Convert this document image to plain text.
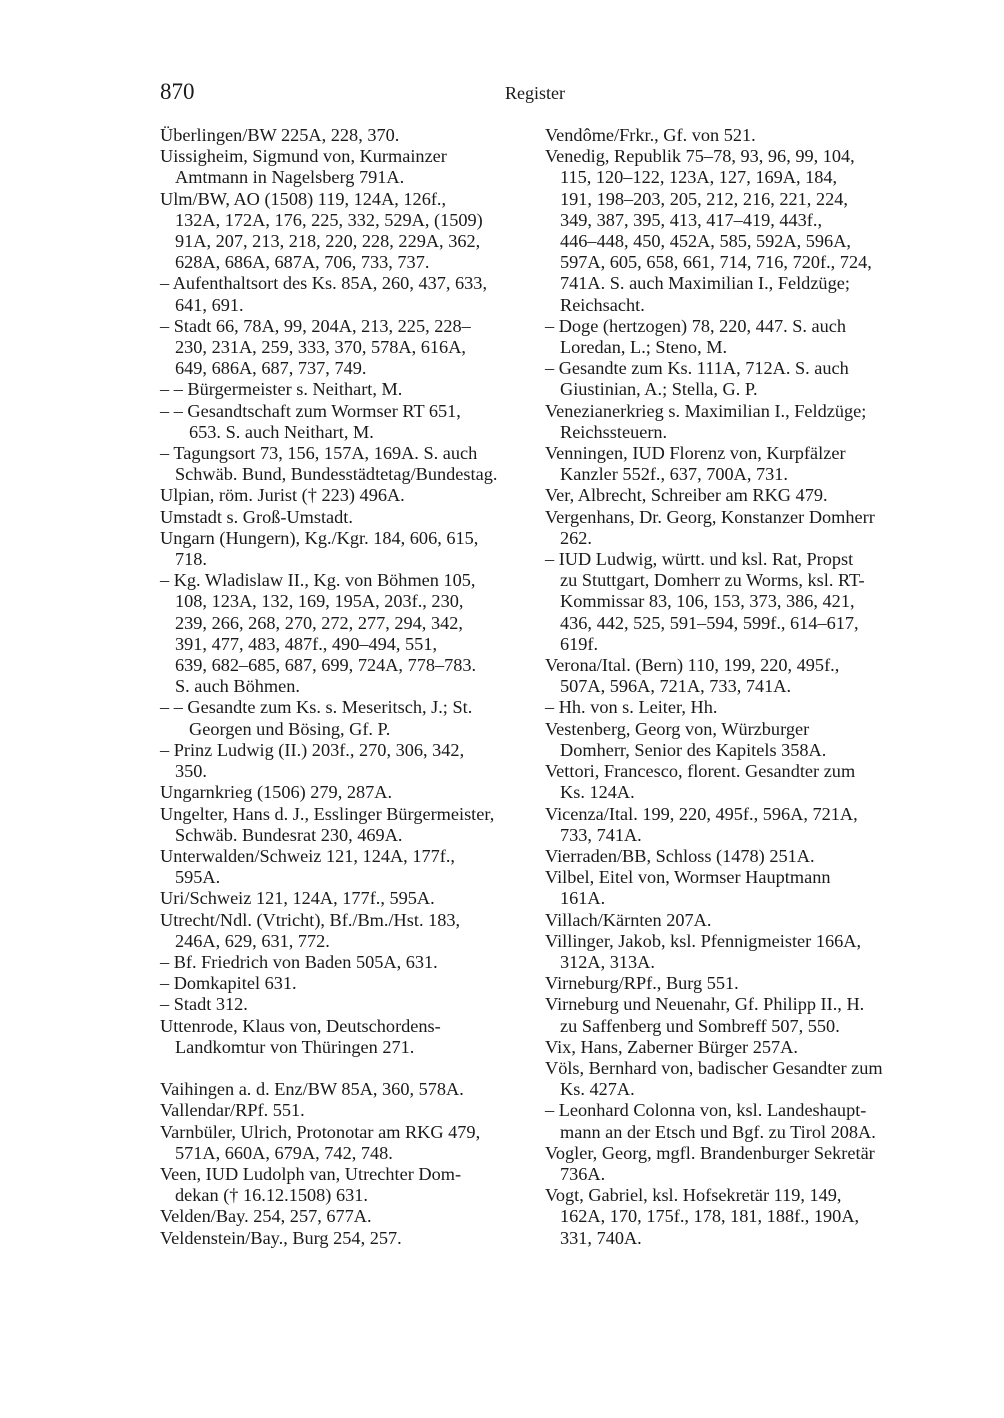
870	Register
Überlingen/BW 225A, 228, 370.
Uissigheim, Sigmund von, Kurmainzer
Amtmann in Nagelsberg 791A.
Ulm/BW, AO (1508) 119, 124A, 126f.,
132A, 172A, 176, 225, 332, 529A, (1509)
91A, 207, 213, 218, 220, 228, 229A, 362,
628A, 686A, 687A, 706, 733, 737.
– Aufenthaltsort des Ks. 85A, 260, 437, 633,
641, 691.
– Stadt 66, 78A, 99, 204A, 213, 225, 228–
230, 231A, 259, 333, 370, 578A, 616A,
649, 686A, 687, 737, 749.
– – Bürgermeister s. Neithart, M.
– – Gesandtschaft zum Wormser RT 651,
653. S. auch Neithart, M.
– Tagungsort 73, 156, 157A, 169A. S. auch
Schwäb. Bund, Bundesstädtetag/Bundestag.
Ulpian, röm. Jurist († 223) 496A.
Umstadt s. Groß-Umstadt.
Ungarn (Hungern), Kg./Kgr. 184, 606, 615,
718.
– Kg. Wladislaw II., Kg. von Böhmen 105,
108, 123A, 132, 169, 195A, 203f., 230,
239, 266, 268, 270, 272, 277, 294, 342,
391, 477, 483, 487f., 490–494, 551,
639, 682–685, 687, 699, 724A, 778–783.
S. auch Böhmen.
– – Gesandte zum Ks. s. Meseritsch, J.; St.
Georgen und Bösing, Gf. P.
– Prinz Ludwig (II.) 203f., 270, 306, 342,
350.
Ungarnkrieg (1506) 279, 287A.
Ungelter, Hans d. J., Esslinger Bürgermeister,
Schwäb. Bundesrat 230, 469A.
Unterwalden/Schweiz 121, 124A, 177f.,
595A.
Uri/Schweiz 121, 124A, 177f., 595A.
Utrecht/Ndl. (Vtricht), Bf./Bm./Hst. 183,
246A, 629, 631, 772.
– Bf. Friedrich von Baden 505A, 631.
– Domkapitel 631.
– Stadt 312.
Uttenrode, Klaus von, Deutschordens-
Landkomtur von Thüringen 271.
Vaihingen a. d. Enz/BW 85A, 360, 578A.
Vallendar/RPf. 551.
Varnbüler, Ulrich, Protonotar am RKG 479,
571A, 660A, 679A, 742, 748.
Veen, IUD Ludolph van, Utrechter Dom-
dekan († 16.12.1508) 631.
Velden/Bay. 254, 257, 677A.
Veldenstein/Bay., Burg 254, 257.
Vendôme/Frkr., Gf. von 521.
Venedig, Republik 75–78, 93, 96, 99, 104,
115, 120–122, 123A, 127, 169A, 184,
191, 198–203, 205, 212, 216, 221, 224,
349, 387, 395, 413, 417–419, 443f.,
446–448, 450, 452A, 585, 592A, 596A,
597A, 605, 658, 661, 714, 716, 720f., 724,
741A. S. auch Maximilian I., Feldzüge;
Reichsacht.
– Doge (hertzogen) 78, 220, 447. S. auch
Loredan, L.; Steno, M.
– Gesandte zum Ks. 111A, 712A. S. auch
Giustinian, A.; Stella, G. P.
Venezianerkrieg s. Maximilian I., Feldzüge;
Reichssteuern.
Venningen, IUD Florenz von, Kurpfälzer
Kanzler 552f., 637, 700A, 731.
Ver, Albrecht, Schreiber am RKG 479.
Vergenhans, Dr. Georg, Konstanzer Domherr
262.
– IUD Ludwig, württ. und ksl. Rat, Propst
zu Stuttgart, Domherr zu Worms, ksl. RT-
Kommissar 83, 106, 153, 373, 386, 421,
436, 442, 525, 591–594, 599f., 614–617,
619f.
Verona/Ital. (Bern) 110, 199, 220, 495f.,
507A, 596A, 721A, 733, 741A.
– Hh. von s. Leiter, Hh.
Vestenberg, Georg von, Würzburger
Domherr, Senior des Kapitels 358A.
Vettori, Francesco, florent. Gesandter zum
Ks. 124A.
Vicenza/Ital. 199, 220, 495f., 596A, 721A,
733, 741A.
Vierraden/BB, Schloss (1478) 251A.
Vilbel, Eitel von, Wormser Hauptmann
161A.
Villach/Kärnten 207A.
Villinger, Jakob, ksl. Pfennigmeister 166A,
312A, 313A.
Virneburg/RPf., Burg 551.
Virneburg und Neuenahr, Gf. Philipp II., H.
zu Saffenberg und Sombreff 507, 550.
Vix, Hans, Zaberner Bürger 257A.
Völs, Bernhard von, badischer Gesandter zum
Ks. 427A.
– Leonhard Colonna von, ksl. Landeshaupt-
mann an der Etsch und Bgf. zu Tirol 208A.
Vogler, Georg, mgfl. Brandenburger Sekretär
736A.
Vogt, Gabriel, ksl. Hofsekretär 119, 149,
162A, 170, 175f., 178, 181, 188f., 190A,
331, 740A.
